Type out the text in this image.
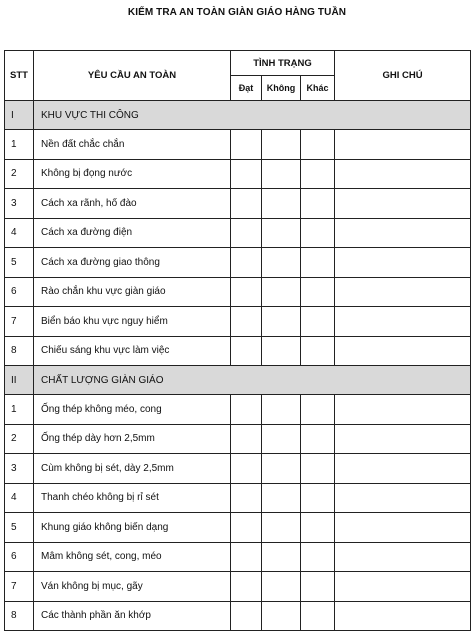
KIỂM TRA AN TOÀN GIÀN GIÁO HÀNG TUẦN
STT	YÊU CẦU AN TOÀN	TÌNH TRẠNG			GHI CHÚ
		Đạt	Không	Khác	
I	KHU VỰC THI CÔNG				
1	Nền đất chắc chắn				
2	Không bị đọng nước				
3	Cách xa rãnh, hố đào				
4	Cách xa đường điện				
5	Cách xa đường giao thông				
6	Rào chắn khu vực giàn giáo				
7	Biển báo khu vực nguy hiểm				
8	Chiếu sáng khu vực làm việc				
II	CHẤT LƯỢNG GIÀN GIÁO				
1	Ống thép không méo, cong				
2	Ống thép dày hơn 2,5mm				
3	Cùm không bị sét, dày 2,5mm				
4	Thanh chéo không bị rỉ sét				
5	Khung giáo không biến dạng				
6	Mâm không sét, cong, méo				
7	Ván không bị mục, gãy				
8	Các thành phần ăn khớp				
